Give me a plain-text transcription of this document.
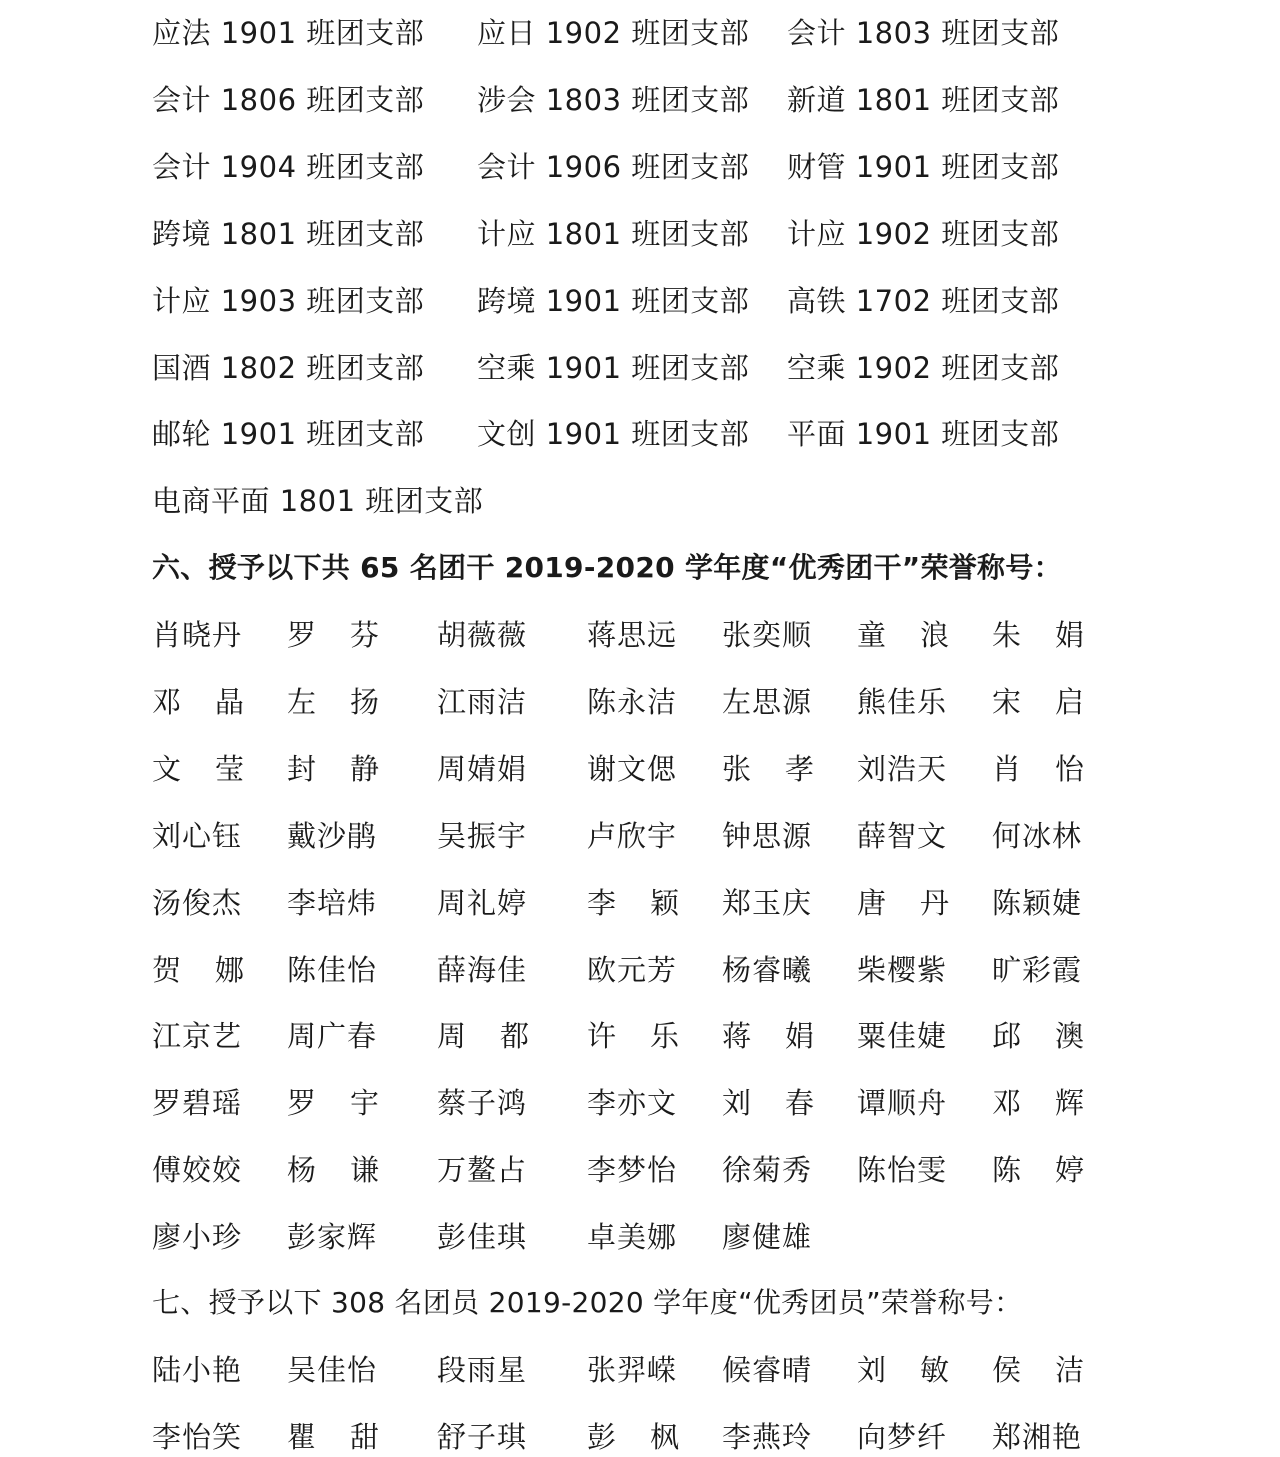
应法 1901 班团支部 应日 1902 班团支部 会计 1803 班团支部
会计 1806 班团支部 涉会 1803 班团支部 新道 1801 班团支部
会计 1904 班团支部 会计 1906 班团支部 财管 1901 班团支部
跨境 1801 班团支部 计应 1801 班团支部 计应 1902 班团支部
计应 1903 班团支部 跨境 1901 班团支部 高铁 1702 班团支部
国酒 1802 班团支部 空乘 1901 班团支部 空乘 1902 班团支部
邮轮 1901 班团支部 文创 1901 班团支部 平面 1901 班团支部
电商平面 1801 班团支部
六、授予以下共 65 名团干 2019-2020 学年度“优秀团干”荣誉称号：
肖晓丹 罗 芬 胡薇薇 蒋思远 张奕顺 童 浪 朱 娟
邓 晶 左 扬 江雨洁 陈永洁 左思源 熊佳乐 宋 启
文 莹 封 静 周婧娟 谢文偲 张 孝 刘浩天 肖 怡
刘心钰 戴沙鹃 吴振宇 卢欣宇 钟思源 薛智文 何冰林
汤俊杰 李培炜 周礼婷 李 颖 郑玉庆 唐 丹 陈颖婕
贺 娜 陈佳怡 薛海佳 欧元芳 杨睿曦 柴樱紫 旷彩霞
江京艺 周广春 周 都 许 乐 蒋 娟 粟佳婕 邱 澳
罗碧瑶 罗 宇 蔡子鸿 李亦文 刘 春 谭顺舟 邓 辉
傅姣姣 杨 谦 万鳌占 李梦怡 徐菊秀 陈怡雯 陈 婷
廖小珍 彭家辉 彭佳琪 卓美娜 廖健雄
七、授予以下 308 名团员 2019-2020 学年度“优秀团员”荣誉称号：
陆小艳 吴佳怡 段雨星 张羿嵘 候睿晴 刘 敏 侯 洁
李怡笑 瞿 甜 舒子琪 彭 枫 李燕玲 向梦纤 郑湘艳
